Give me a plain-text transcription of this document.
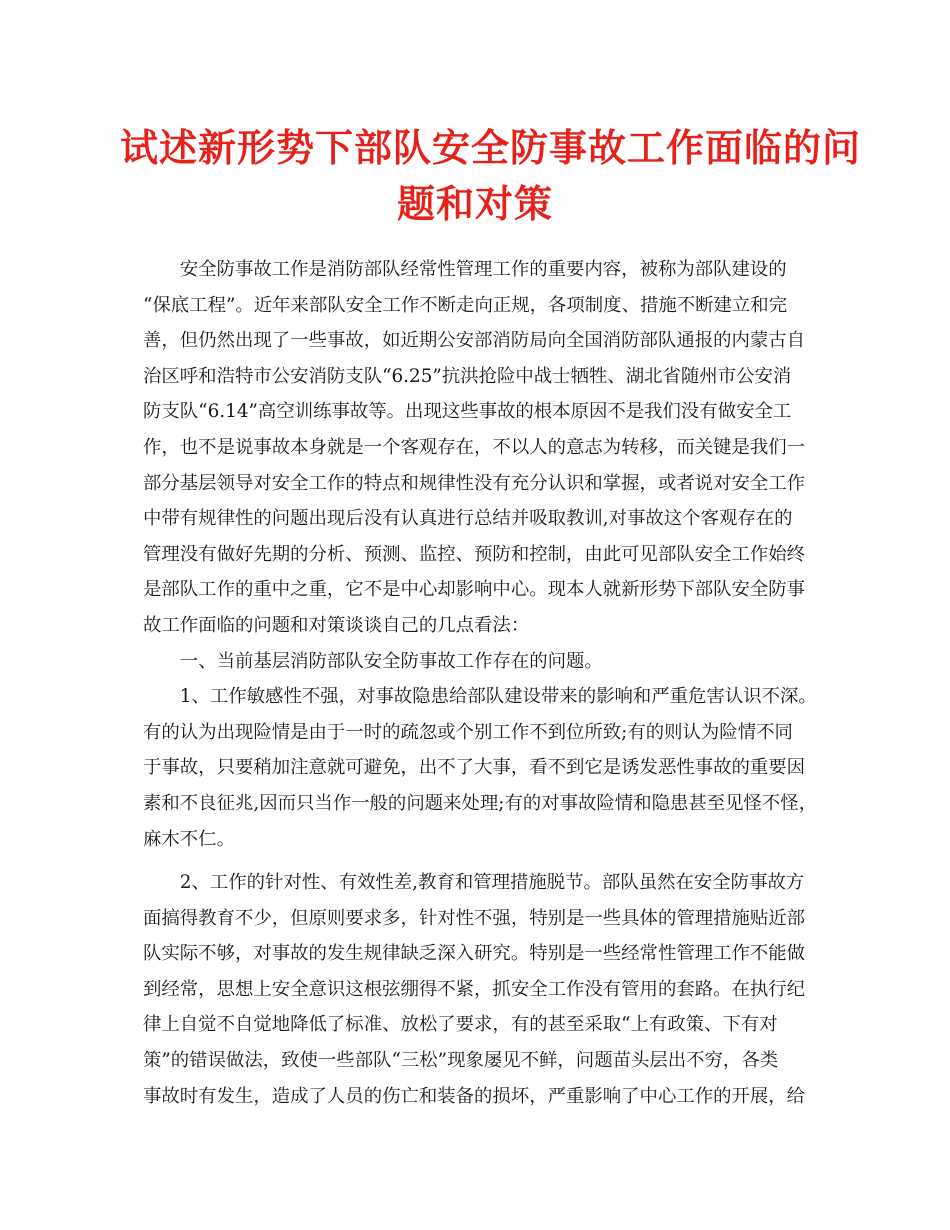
试述新形势下部队安全防事故工作面临的问
题和对策

安全防事故工作是消防部队经常性管理工作的重要内容，被称为部队建设的
“保底工程”。近年来部队安全工作不断走向正规，各项制度、措施不断建立和完
善，但仍然出现了一些事故，如近期公安部消防局向全国消防部队通报的内蒙古自
治区呼和浩特市公安消防支队“6.25”抗洪抢险中战士牺牲、湖北省随州市公安消
防支队“6.14”高空训练事故等。出现这些事故的根本原因不是我们没有做安全工
作，也不是说事故本身就是一个客观存在，不以人的意志为转移，而关键是我们一
部分基层领导对安全工作的特点和规律性没有充分认识和掌握，或者说对安全工作
中带有规律性的问题出现后没有认真进行总结并吸取教训,对事故这个客观存在的
管理没有做好先期的分析、预测、监控、预防和控制，由此可见部队安全工作始终
是部队工作的重中之重，它不是中心却影响中心。现本人就新形势下部队安全防事
故工作面临的问题和对策谈谈自己的几点看法：

一、当前基层消防部队安全防事故工作存在的问题。

1、工作敏感性不强，对事故隐患给部队建设带来的影响和严重危害认识不深。
有的认为出现险情是由于一时的疏忽或个别工作不到位所致;有的则认为险情不同
于事故，只要稍加注意就可避免，出不了大事，看不到它是诱发恶性事故的重要因
素和不良征兆,因而只当作一般的问题来处理;有的对事故险情和隐患甚至见怪不怪，
麻木不仁。

2、工作的针对性、有效性差,教育和管理措施脱节。部队虽然在安全防事故方
面搞得教育不少，但原则要求多，针对性不强，特别是一些具体的管理措施贴近部
队实际不够，对事故的发生规律缺乏深入研究。特别是一些经常性管理工作不能做
到经常，思想上安全意识这根弦绷得不紧，抓安全工作没有管用的套路。在执行纪
律上自觉不自觉地降低了标准、放松了要求，有的甚至采取“上有政策、下有对
策”的错误做法，致使一些部队“三松”现象屡见不鲜，问题苗头层出不穷，各类
事故时有发生，造成了人员的伤亡和装备的损坏，严重影响了中心工作的开展，给
